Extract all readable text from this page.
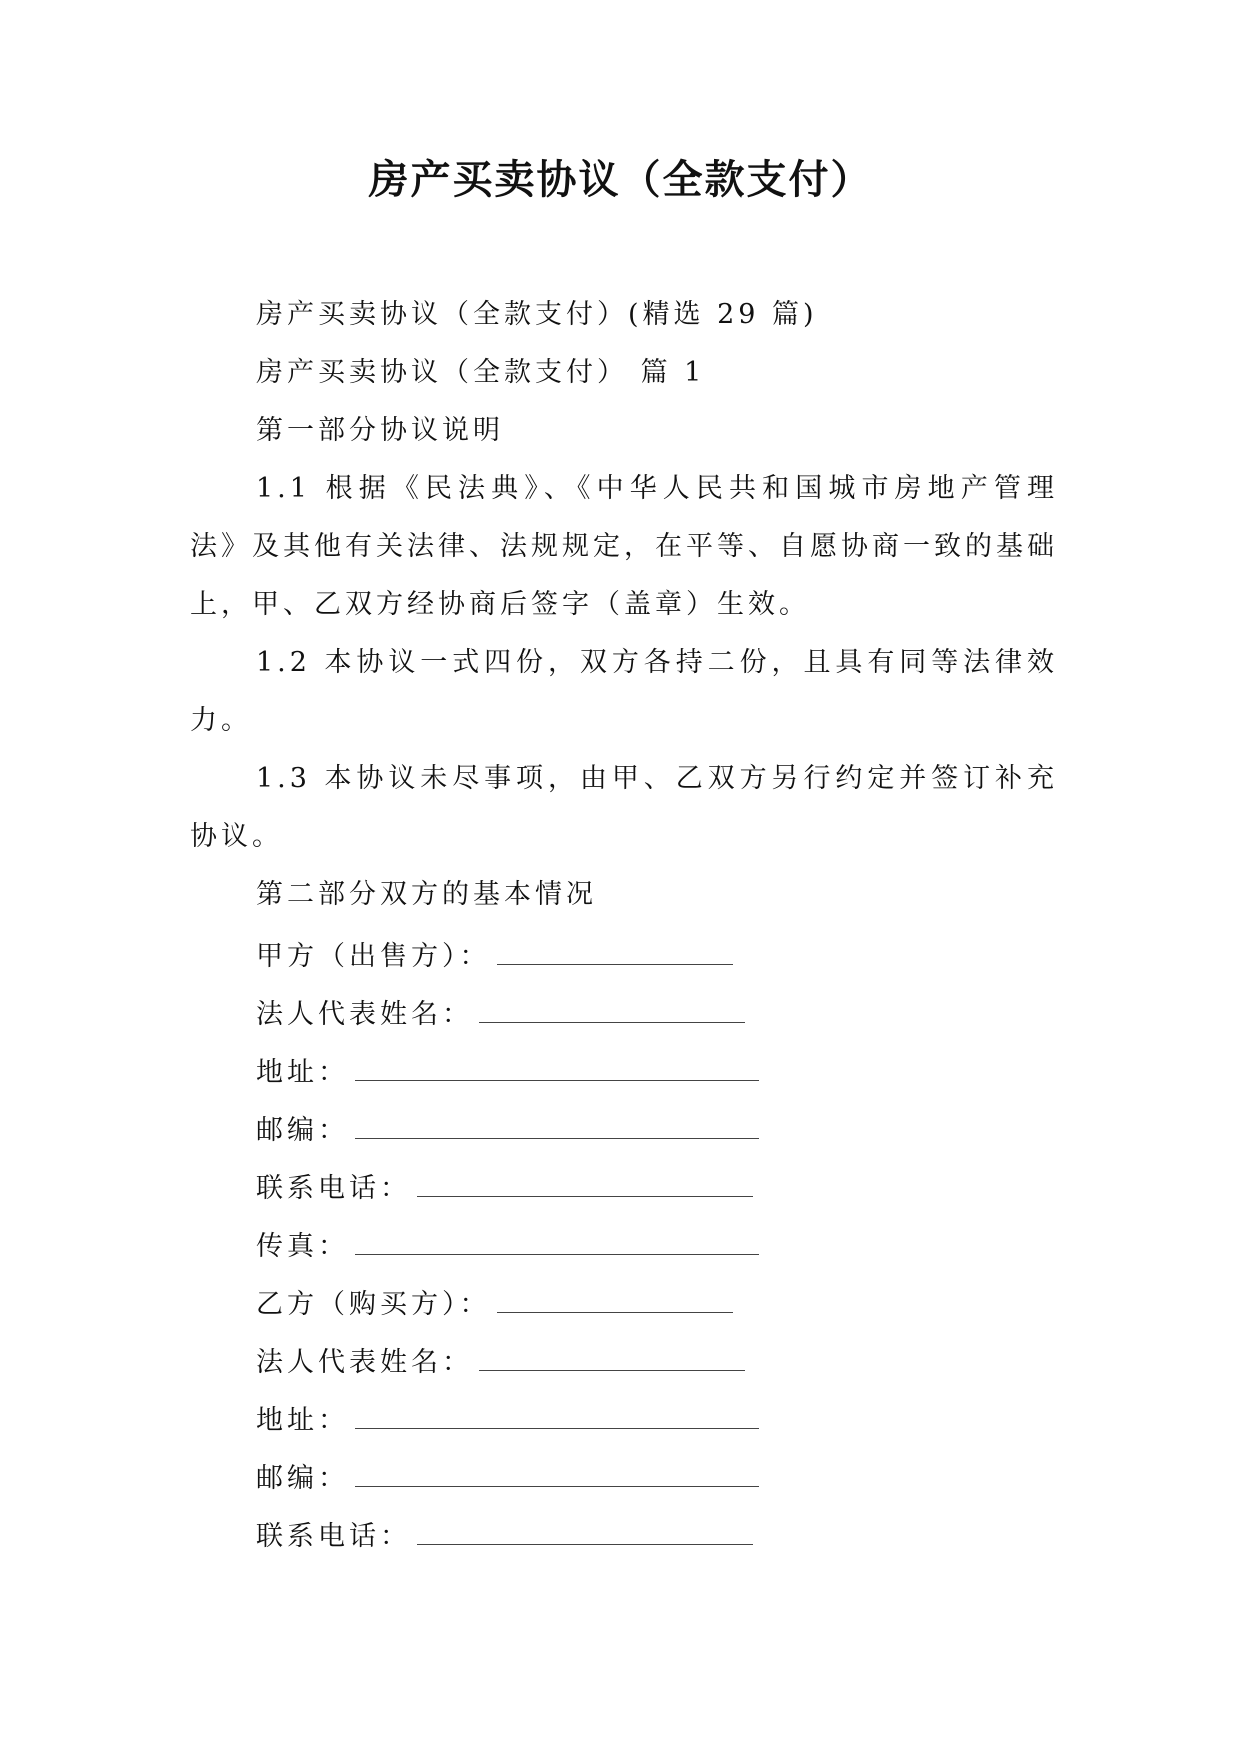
房产买卖协议（全款支付）
房产买卖协议（全款支付）(精选 29 篇)
房产买卖协议（全款支付） 篇 1
第一部分协议说明

1.1 根据《民法典》、《中华人民共和国城市房地产管理法》及其他有关法律、法规规定，在平等、自愿协商一致的基础上，甲、乙双方经协商后签字（盖章）生效。

1.2 本协议一式四份，双方各持二份，且具有同等法律效力。

1.3 本协议未尽事项，由甲、乙双方另行约定并签订补充协议。

第二部分双方的基本情况
甲方（出售方）：
法人代表姓名：
地址：
邮编：
联系电话：
传真：
乙方（购买方）：
法人代表姓名：
地址：
邮编：
联系电话：
